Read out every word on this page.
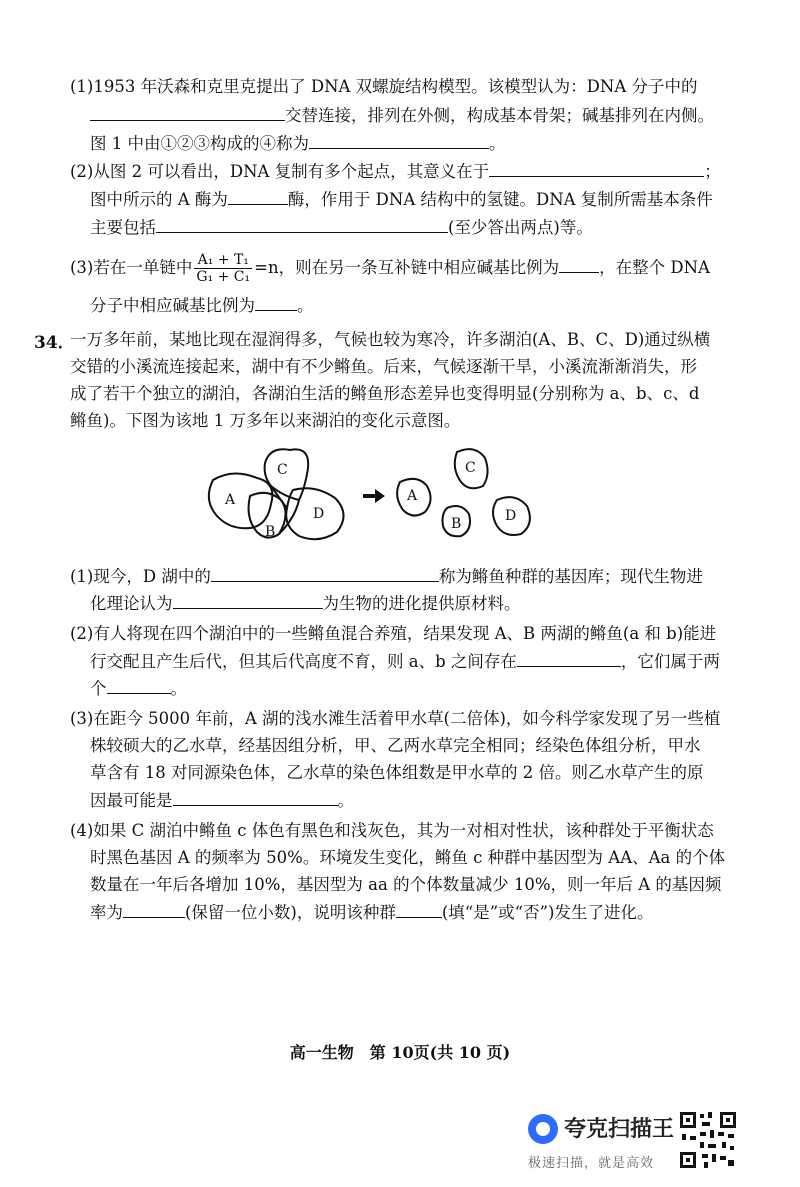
(1)1953 年沃森和克里克提出了 DNA 双螺旋结构模型。该模型认为：DNA 分子中的
交替连接，排列在外侧，构成基本骨架；碱基排列在内侧。
图 1 中由①②③构成的④称为	。
(2)从图 2 可以看出，DNA 复制有多个起点，其意义在于	；
图中所示的 A 酶为	酶，作用于 DNA 结构中的氢键。DNA 复制所需基本条件
主要包括	(至少答出两点)等。
(3)若在一单链中 $\frac{\text{A₁ + T₁}}{\text{G₁ + C₁}} =n$，则在另一条互补链中相应碱基比例为 ，在整个 DNA
分子中相应碱基比例为	。
34．
一万多年前，某地比现在湿润得多，气候也较为寒冷，许多湖泊(A、B、C、D)通过纵横
交错的小溪流连接起来，湖中有不少鳉鱼。后来，气候逐渐干旱，小溪流渐渐消失，形
成了若干个独立的湖泊，各湖泊生活的鳉鱼形态差异也变得明显(分别称为 a、b、c、d
鳉鱼)。下图为该地 1 万多年以来湖泊的变化示意图。
C
A
B
D
A
C
B	D
(1)现今，D 湖中的	称为鳉鱼种群的基因库；现代生物进
化理论认为	为生物的进化提供原材料。
(2)有人将现在四个湖泊中的一些鳉鱼混合养殖，结果发现 A、B 两湖的鳉鱼(a 和 b)能进
行交配且产生后代，但其后代高度不育，则 a、b 之间存在	，它们属于两
个	。
(3)在距今 5000 年前，A 湖的浅水滩生活着甲水草(二倍体)，如今科学家发现了另一些植
株较硕大的乙水草，经基因组分析，甲、乙两水草完全相同；经染色体组分析，甲水
草含有 18 对同源染色体，乙水草的染色体组数是甲水草的 2 倍。则乙水草产生的原
因最可能是	。
(4)如果 C 湖泊中鳉鱼 c 体色有黑色和浅灰色，其为一对相对性状，该种群处于平衡状态
时黑色基因 A 的频率为 50%。环境发生变化，鳉鱼 c 种群中基因型为 AA、Aa 的个体
数量在一年后各增加 10%，基因型为 aa 的个体数量减少 10%，则一年后 A 的基因频
率为	(保留一位小数)，说明该种群	(填“是”或“否”)发生了进化。
高一生物　第 10页(共 10 页)
夸克扫描王
极速扫描，就是高效
